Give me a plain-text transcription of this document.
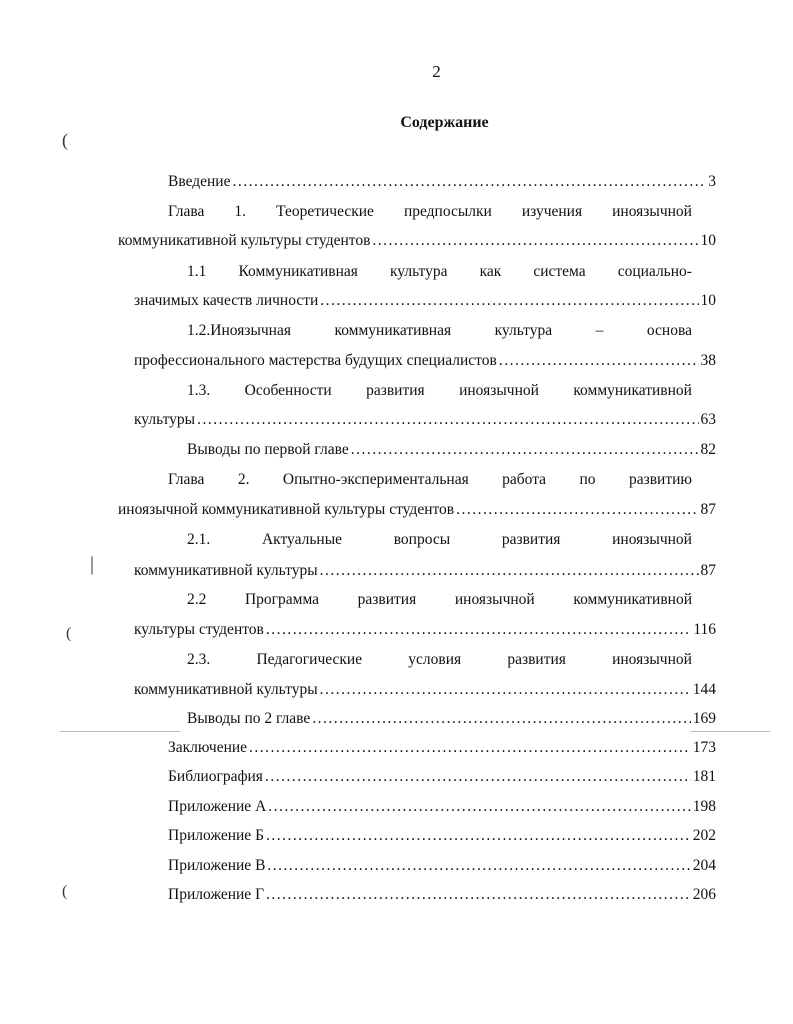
2
Содержание
Введение .....	3
Глава 1. Теоретические предпосылки изучения иноязычной
коммуникативной культуры студентов .....	10
1.1 Коммуникативная культура как система социально-
значимых качеств личности .....	10
1.2.Иноязычная	коммуникативная	культура	–	основа
профессионального мастерства будущих специалистов .....	38
1.3. Особенности развития иноязычной коммуникативной
культуры .....	63
Выводы по первой главе .....	82
Глава 2. Опытно-экспериментальная работа по развитию
иноязычной коммуникативной культуры студентов .....	87
2.1.	Актуальные	вопросы	развития	иноязычной
коммуникативной культуры .....	87
2.2 Программа развития иноязычной коммуникативной
культуры студентов .....	116
2.3.	Педагогические	условия	развития	иноязычной
коммуникативной культуры .....	144
Выводы по 2 главе .....	169
Заключение .....	173
Библиография .....	181
Приложение А .....	198
Приложение Б .....	202
Приложение В .....	204
Приложение Г .....	206
(
(
|
(
